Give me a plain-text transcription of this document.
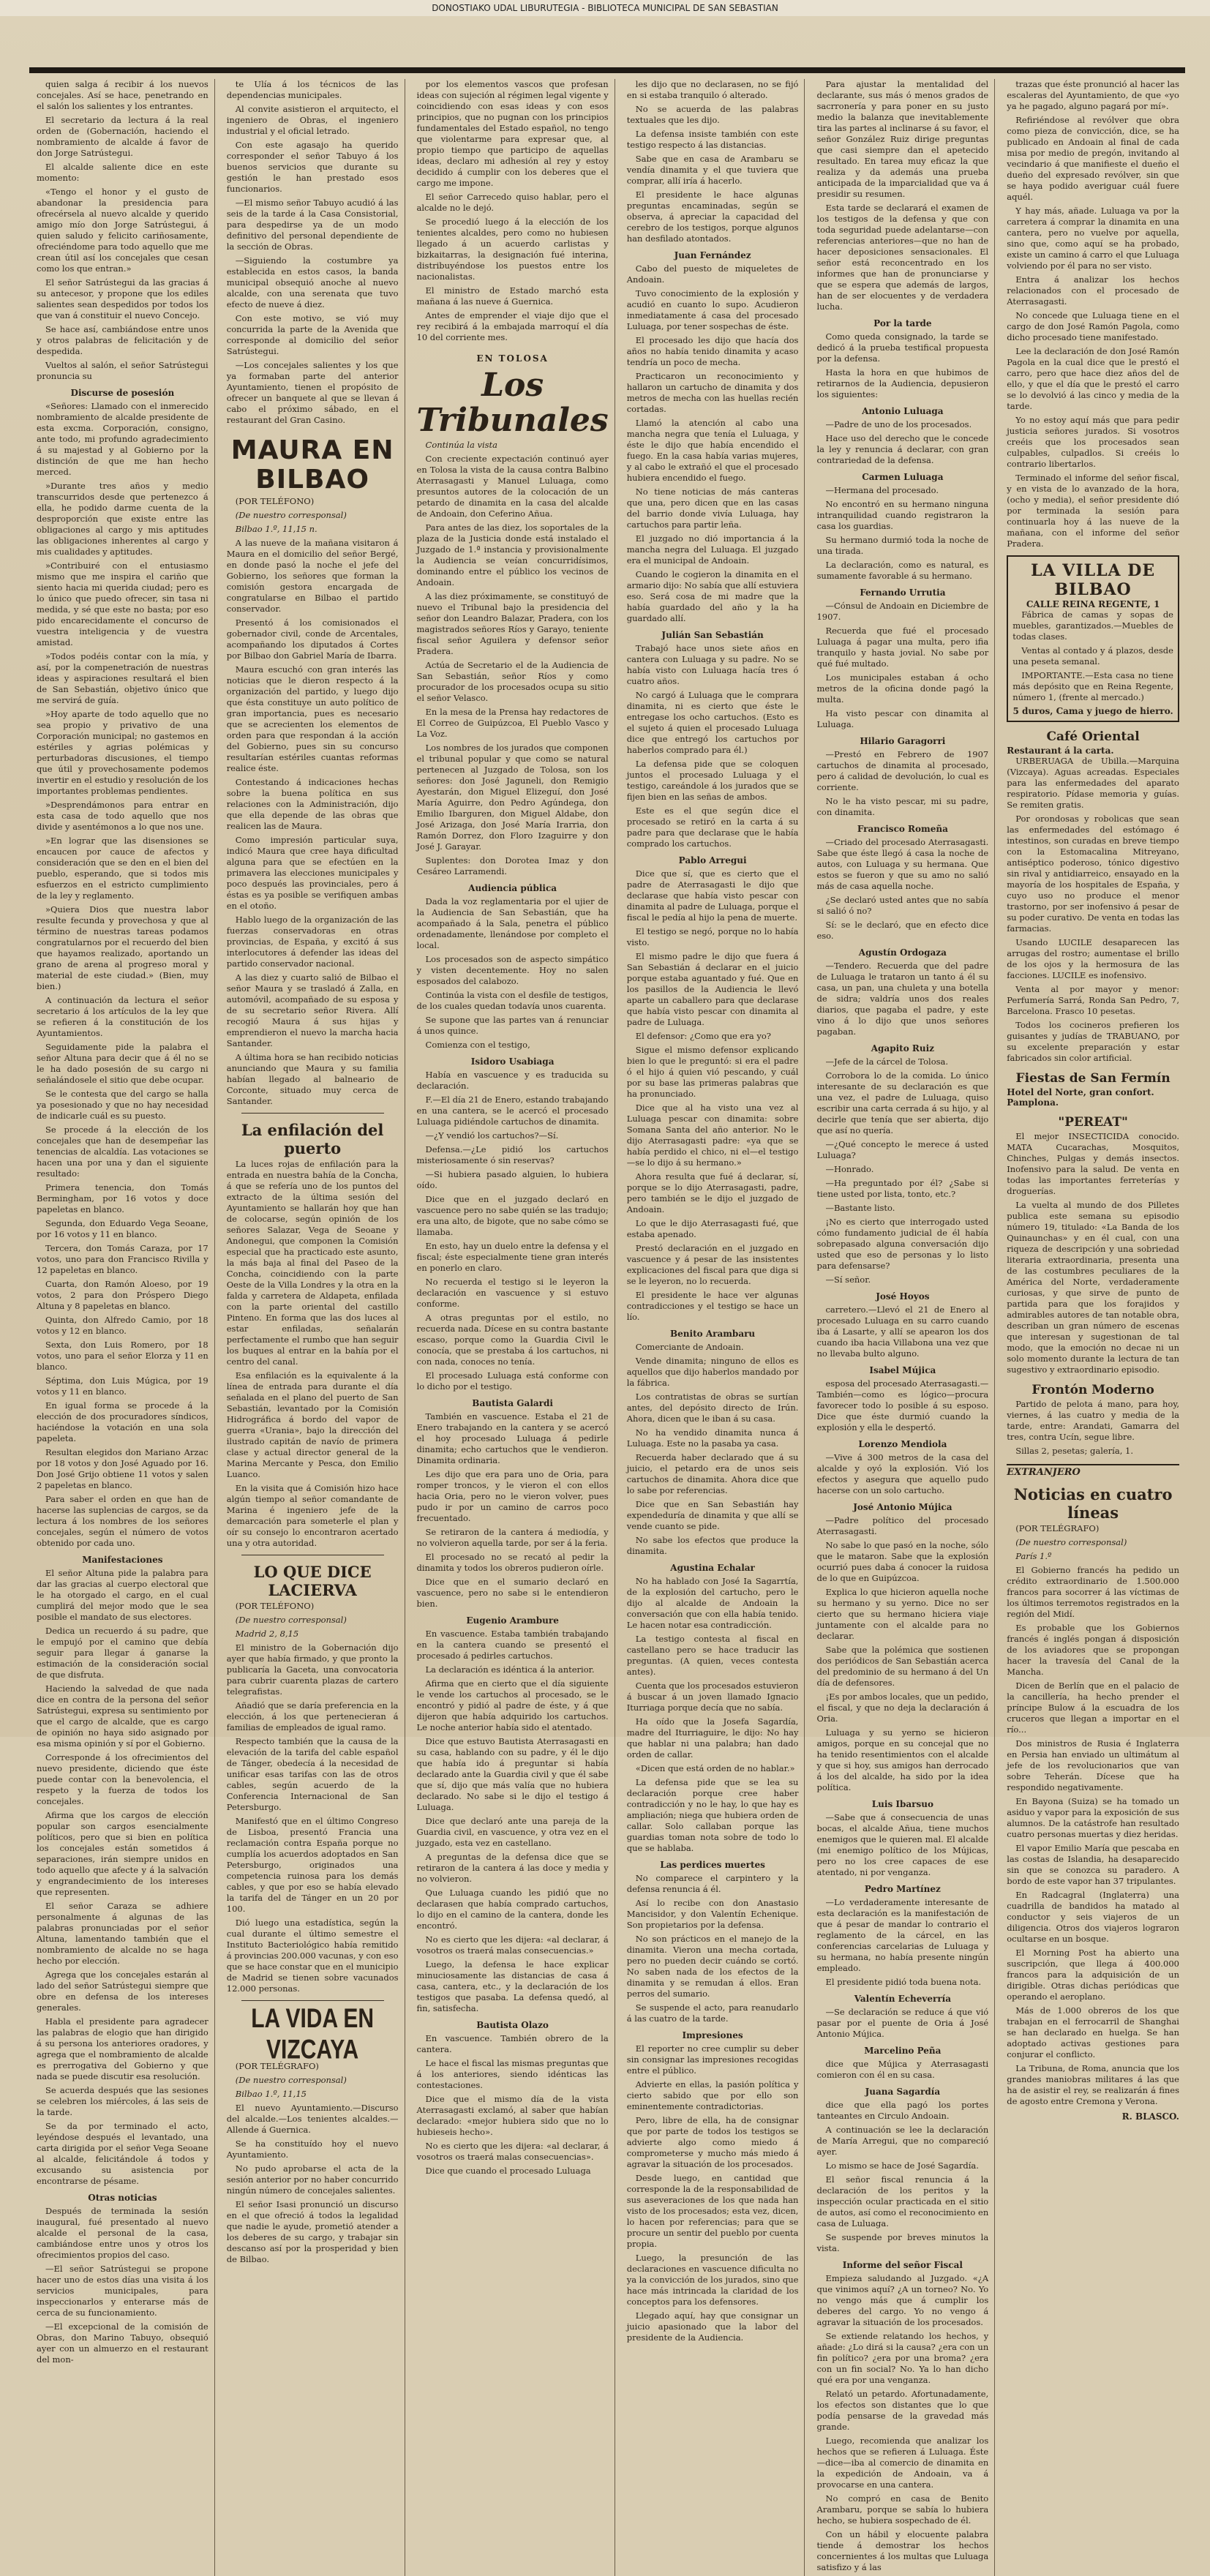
DONOSTIAKO UDAL LIBURUTEGIA - BIBLIOTECA MUNICIPAL DE SAN SEBASTIAN

quien salga á recibir á los nuevos concejales. Así se hace, penetrando en el salón los salientes y los entrantes.

El secretario da lectura á la real orden de (Gobernación, haciendo el nombramiento de alcalde á favor de don Jorge Satrústegui.

El alcalde saliente dice en este momento:

«Tengo el honor y el gusto de abandonar la presidencia para ofrecérsela al nuevo alcalde y querido amigo mío don Jorge Satrústegui, á quien saludo y felicito cariñosamente, ofreciéndome para todo aquello que me crean útil así los concejales que cesan como los que entran.»

El señor Satrústegui da las gracias á su antecesor, y propone que los ediles salientes sean despedidos por todos los que van á constituir el nuevo Concejo.

Se hace así, cambiándose entre unos y otros palabras de felicitación y de despedida.

Vueltos al salón, el señor Satrústegui pronuncia su

Discurse de posesión

«Señores: Llamado con el inmerecido nombramiento de alcalde presidente de esta excma. Corporación, consigno, ante todo, mi profundo agradecimiento á su majestad y al Gobierno por la distinción de que me han hecho merced.

»Durante tres años y medio transcurridos desde que pertenezco á ella, he podido darme cuenta de la desproporción que existe entre las obligaciones al cargo y mis aptitudes las obligaciones inherentes al cargo y mis cualidades y aptitudes.

»Contribuiré con el entusiasmo mismo que me inspira el cariño que siento hacia mi querida ciudad; pero es lo único que puedo ofrecer, sin tasa ni medida, y sé que este no basta; por eso pido encarecidamente el concurso de vuestra inteligencia y de vuestra amistad.

»Todos podéis contar con la mía, y así, por la compenetración de nuestras ideas y aspiraciones resultará el bien de San Sebastián, objetivo único que me servirá de guía.

»Hoy aparte de todo aquello que no sea propio y privativo de una Corporación municipal; no gastemos en estériles y agrias polémicas y perturbadoras discusiones, el tiempo que útil y provechosamente podemos invertir en el estudio y resolución de los importantes problemas pendientes.

»Desprendámonos para entrar en esta casa de todo aquello que nos divide y asentémonos a lo que nos une.

»En lograr que las disensiones se encaucen por cauce de afectos y consideración que se den en el bien del pueblo, esperando, que si todos mis esfuerzos en el estricto cumplimiento de la ley y reglamento.

»Quiera Dios que nuestra labor resulte fecunda y provechosa y que al término de nuestras tareas podamos congratularnos por el recuerdo del bien que hayamos realizado, aportando un grano de arena al progreso moral y material de este ciudad.» (Bien, muy bien.)

A continuación da lectura el señor secretario á los artículos de la ley que se refieren á la constitución de los Ayuntamientos.

Seguidamente pide la palabra el señor Altuna para decir que á él no se le ha dado posesión de su cargo ni señalándosele el sitio que debe ocupar.

Se le contesta que del cargo se halla ya posesionado y que no hay necesidad de indicarle cuál es su puesto.

Se procede á la elección de los concejales que han de desempeñar las tenencias de alcaldía. Las votaciones se hacen una por una y dan el siguiente resultado:

Primera tenencia, don Tomás Bermingham, por 16 votos y doce papeletas en blanco.

Segunda, don Eduardo Vega Seoane, por 16 votos y 11 en blanco.

Tercera, don Tomás Caraza, por 17 votos, uno para don Francisco Rivilla y 12 papeletas en blanco.

Cuarta, don Ramón Aloeso, por 19 votos, 2 para don Próspero Diego Altuna y 8 papeletas en blanco.

Quinta, don Alfredo Camio, por 18 votos y 12 en blanco.

Sexta, don Luis Romero, por 18 votos, uno para el señor Elorza y 11 en blanco.

Séptima, don Luis Múgica, por 19 votos y 11 en blanco.

En igual forma se procede á la elección de dos procuradores síndicos, haciéndose la votación en una sola papeleta.

Resultan elegidos don Mariano Arzac por 18 votos y don José Aguado por 16. Don José Grijo obtiene 11 votos y salen 2 papeletas en blanco.

Para saber el orden en que han de hacerse las suplencias de cargos, se da lectura á los nombres de los señores concejales, según el número de votos obtenido por cada uno.

Manifestaciones

El señor Altuna pide la palabra para dar las gracias al cuerpo electoral que le ha otorgado el cargo, en el cual cumplirá del mejor modo que le sea posible el mandato de sus electores.

Dedica un recuerdo á su padre, que le empujó por el camino que debía seguir para llegar á ganarse la estimación de la consideración social de que disfruta.

Haciendo la salvedad de que nada dice en contra de la persona del señor Satrústegui, expresa su sentimiento por que el cargo de alcalde, que es cargo de opinión no haya sido asignado por esa misma opinión y sí por el Gobierno.

Corresponde á los ofrecimientos del nuevo presidente, diciendo que éste puede contar con la benevolencia, el respeto y la fuerza de todos los concejales.

Afirma que los cargos de elección popular son cargos esencialmente políticos, pero que si bien en política los concejales están sometidos á separaciones, irán siempre unidos en todo aquello que afecte y á la salvación y engrandecimiento de los intereses que representen.

El señor Caraza se adhiere personalmente á algunas de las palabras pronunciadas por el señor Altuna, lamentando también que el nombramiento de alcalde no se haga hecho por elección.

Agrega que los concejales estarán al lado del señor Satrústegui siempre que obre en defensa de los intereses generales.

Habla el presidente para agradecer las palabras de elogio que han dirigido á su persona los anteriores oradores, y agrega que el nombramiento de alcalde es prerrogativa del Gobierno y que nada se puede discutir esa resolución.

Se acuerda después que las sesiones se celebren los miércoles, á las seis de la tarde.

Se da por terminado el acto, leyéndose después el levantado, una carta dirigida por el señor Vega Seoane al alcalde, felicitándole á todos y excusando su asistencia por encontrarse de pésame.

Otras noticias

Después de terminada la sesión inaugural, fué presentado al nuevo alcalde el personal de la casa, cambiándose entre unos y otros los ofrecimientos propios del caso.

—El señor Satrústegui se propone hacer uno de estos días una visita á los servicios municipales, para inspeccionarlos y enterarse más de cerca de su funcionamiento.

—El excepcional de la comisión de Obras, don Marino Tabuyo, obsequió ayer con un almuerzo en el restaurant del mon-

te Ulía á los técnicos de las dependencias municipales.

Al convite asistieron el arquitecto, el ingeniero de Obras, el ingeniero industrial y el oficial letrado.

Con este agasajo ha querido corresponder el señor Tabuyo á los buenos servicios que durante su gestión le han prestado esos funcionarios.

—El mismo señor Tabuyo acudió á las seis de la tarde á la Casa Consistorial, para despedirse ya de un modo definitivo del personal dependiente de la sección de Obras.

—Siguiendo la costumbre ya establecida en estos casos, la banda municipal obsequió anoche al nuevo alcalde, con una serenata que tuvo efecto de nueve á diez.

Con este motivo, se vió muy concurrida la parte de la Avenida que corresponde al domicilio del señor Satrústegui.

—Los concejales salientes y los que ya formaban parte del anterior Ayuntamiento, tienen el propósito de ofrecer un banquete al que se llevan á cabo el próximo sábado, en el restaurant del Gran Casino.

MAURA EN BILBAO

(POR TELÉFONO)

(De nuestro corresponsal)

Bilbao 1.º, 11,15 n.

A las nueve de la mañana visitaron á Maura en el domicilio del señor Bergé, en donde pasó la noche el jefe del Gobierno, los señores que forman la comisión gestora encargada de congratularse en Bilbao el partido conservador.

Presentó á los comisionados el gobernador civil, conde de Arcentales, acompañando los diputados á Cortes por Bilbao don Gabriel María de Ibarra.

Maura escuchó con gran interés las noticias que le dieron respecto á la organización del partido, y luego dijo que ésta constituye un auto político de gran importancia, pues es necesario que se acrecienten los elementos de orden para que respondan á la acción del Gobierno, pues sin su concurso resultarían estériles cuantas reformas realice éste.

Contestando á indicaciones hechas sobre la buena política en sus relaciones con la Administración, dijo que ella depende de las obras que realicen las de Maura.

Como impresión particular suya, indicó Maura que cree haya dificultad alguna para que se efectúen en la primavera las elecciones municipales y poco después las provinciales, pero á éstas es ya posible se verifiquen ambas en el otoño.

Hablo luego de la organización de las fuerzas conservadoras en otras provincias, de España, y excitó á sus interlocutores á defender las ideas del partido conservador nacional.

A las diez y cuarto salió de Bilbao el señor Maura y se trasladó á Zalla, en automóvil, acompañado de su esposa y de su secretario señor Rivera. Allí recogió Maura á sus hijas y emprendieron el nuevo la marcha hacia Santander.

A última hora se han recibido noticias anunciando que Maura y su familia habían llegado al balneario de Corconte, situado muy cerca de Santander.

La enfilación del puerto

La luces rojas de enfilación para la entrada en nuestra bahía de la Concha, á que se refería uno de los puntos del extracto de la última sesión del Ayuntamiento se hallarán hoy que han de colocarse, según opinión de los señores Salazar, Vega de Seoane y Andonegui, que componen la Comisión especial que ha practicado este asunto, la más baja al final del Paseo de la Concha, coincidiendo con la parte Oeste de la Villa Londres y la otra en la falda y carretera de Aldapeta, enfilada con la parte oriental del castillo Pinteno. En forma que las dos luces al estar enfiladas, señalarán perfectamente el rumbo que han seguir los buques al entrar en la bahía por el centro del canal.

Esa enfilación es la equivalente á la línea de entrada para durante el día señalada en el plano del puerto de San Sebastián, levantado por la Comisión Hidrográfica á bordo del vapor de guerra «Urania», bajo la dirección del ilustrado capitán de navío de primera clase y actual director general de la Marina Mercante y Pesca, don Emilio Luanco.

En la visita que á Comisión hizo hace algún tiempo al señor comandante de Marina é ingeniero jefe de la demarcación para someterle el plan y oír su consejo lo encontraron acertado una y otra autoridad.

LO QUE DICE LACIERVA

(POR TELÉFONO)

(De nuestro corresponsal)

Madrid 2, 8,15

El ministro de la Gobernación dijo ayer que había firmado, y que pronto la publicaría la Gaceta, una convocatoria para cubrir cuarenta plazas de cartero telegrafistas.

Añadió que se daría preferencia en la elección, á los que pertenecieran á familias de empleados de igual ramo.

Respecto también que la causa de la elevación de la tarifa del cable español de Tánger, obedecía á la necesidad de unificar esas tarifas con las de otros cables, según acuerdo de la Conferencia Internacional de San Petersburgo.

Manifestó que en el último Congreso de Lisboa, presentó Francia una reclamación contra España porque no cumplía los acuerdos adoptados en San Petersburgo, originados una competencia ruinosa para los demás cables, y que por eso se había elevado la tarifa del de Tánger en un 20 por 100.

Dió luego una estadística, según la cual durante el último semestre el Instituto Bacteriológico había remitido á provincias 200.000 vacunas, y con eso que se hace constar que en el municipio de Madrid se tienen sobre vacunados 12.000 personas.

LA VIDA EN VIZCAYA

(POR TELÉGRAFO)

(De nuestro corresponsal)

Bilbao 1.º, 11,15

El nuevo Ayuntamiento.—Discurso del alcalde.—Los tenientes alcaldes.—Allende á Guernica.

Se ha constituído hoy el nuevo Ayuntamiento.

No pudo aprobarse el acta de la sesión anterior por no haber concurrido ningún número de concejales salientes.

El señor Isasi pronunció un discurso en el que ofreció á todos la legalidad que nadie le ayude, prometió atender a los deberes de su cargo, y trabajar sin descanso así por la prosperidad y bien de Bilbao.

por los elementos vascos que profesan ideas con sujeción al régimen legal vigente y coincidiendo con esas ideas y con esos principios, que no pugnan con los principios fundamentales del Estado español, no tengo que violentarme para expresar que, al propio tiempo que participo de aquellas ideas, declaro mi adhesión al rey y estoy decidido á cumplir con los deberes que el cargo me impone.

El señor Carrecedo quiso hablar, pero el alcalde no le dejó.

Se procedió luego á la elección de los tenientes alcaldes, pero como no hubiesen llegado á un acuerdo carlistas y bizkaitarras, la designación fué interina, distribuyéndose los puestos entre los nacionalistas.

El ministro de Estado marchó esta mañana á las nueve á Guernica.

Antes de emprender el viaje dijo que el rey recibirá á la embajada marroquí el día 10 del corriente mes.

EN TOLOSA
Los Tribunales

Continúa la vista

Con creciente expectación continuó ayer en Tolosa la vista de la causa contra Balbino Aterrasagasti y Manuel Luluaga, como presuntos autores de la colocación de un petardo de dinamita en la casa del alcalde de Andoain, don Ceferino Añua.

Para antes de las diez, los soportales de la plaza de la Justicia donde está instalado el Juzgado de 1.ª instancia y provisionalmente la Audiencia se veían concurridísimos, dominando entre el público los vecinos de Andoain.

A las diez próximamente, se constituyó de nuevo el Tribunal bajo la presidencia del señor don Leandro Balazar, Pradera, con los magistrados señores Ríos y Garayo, teniente fiscal señor Aguilera y defensor señor Pradera.

Actúa de Secretario el de la Audiencia de San Sebastián, señor Ríos y como procurador de los procesados ocupa su sitio el señor Velasco.

En la mesa de la Prensa hay redactores de El Correo de Guipúzcoa, El Pueblo Vasco y La Voz.

Los nombres de los jurados que componen el tribunal popular y que como se natural pertenecen al Juzgado de Tolosa, son los señores: don José Jaguneli, don Remigio Ayestarán, don Miguel Elizeguí, don José María Aguirre, don Pedro Agúndega, don Emilio Ibarguren, don Miguel Aldabe, don José Arizaga, don José María Irarria, don Ramón Dorrez, don Floro Izaguirre y don José J. Garayar.

Suplentes: don Dorotea Imaz y don Cesáreo Larramendi.

Audiencia pública

Dada la voz reglamentaria por el ujier de la Audiencia de San Sebastián, que ha acompañado á la Sala, penetra el público ordenadamente, llenándose por completo el local.

Los procesados son de aspecto simpático y visten decentemente. Hoy no salen esposados del calabozo.

Continúa la vista con el desfile de testigos, de los cuales quedan todavía unos cuarenta.

Se supone que las partes van á renunciar á unos quince.

Comienza con el testigo,

Isidoro Usabiaga

Había en vascuence y es traducida su declaración.

F.—El día 21 de Enero, estando trabajando en una cantera, se le acercó el procesado Luluaga pidiéndole cartuchos de dinamita.

—¿Y vendió los cartuchos?—Sí.

Defensa.—¿Le pidió los cartuchos misteriosamente ó sin reservas?

—Si hubiera pasado alguien, lo hubiera oído.

Dice que en el juzgado declaró en vascuence pero no sabe quién se las tradujo; era una alto, de bigote, que no sabe cómo se llamaba.

En esto, hay un duelo entre la defensa y el fiscal; éste especialmente tiene gran interés en ponerlo en claro.

No recuerda el testigo si le leyeron la declaración en vascuence y si estuvo conforme.

A otras preguntas por el estilo, no recuerda nada. Dícese en su contra bastante escaso, porque como la Guardia Civil le conocía, que se prestaba á los cartuchos, ni con nada, conoces no tenía.

El procesado Luluaga está conforme con lo dicho por el testigo.

Bautista Galardi

También en vascuence. Estaba el 21 de Enero trabajando en la cantera y se acercó el hoy procesado Luluaga á pedirle dinamita; echo cartuchos que le vendieron. Dinamita ordinaria.

Les dijo que era para uno de Oria, para romper troncos, y le vieron el con ellos hacia Oria, pero no le vieron volver, pues pudo ir por un camino de carros poco frecuentado.

Se retiraron de la cantera á mediodía, y no volvieron aquella tarde, por ser á la feria.

El procesado no se recató al pedir la dinamita y todos los obreros pudieron oírle.

Dice que en el sumario declaró en vascuence, pero no sabe si le entendieron bien.

Eugenio Arambure

En vascuence. Estaba también trabajando en la cantera cuando se presentó el procesado á pedirles cartuchos.

La declaración es idéntica á la anterior.

Afirma que en cierto que el día siguiente le vende los cartuchos al procesado, se le encontró y pidió al padre de éste, y á que dijeron que había adquirido los cartuchos. Le noche anterior había sido el atentado.

Dice que estuvo Bautista Aterrasagasti en su casa, hablando con su padre, y él le dijo que había ido á preguntar si había declarado ante la Guardia civil y que él sabe que sí, dijo que más valía que no hubiera declarado. No sabe si le dijo el testigo á Luluaga.

Dice que declaró ante una pareja de la Guardia civil, en vascuence, y otra vez en el juzgado, esta vez en castellano.

A preguntas de la defensa dice que se retiraron de la cantera á las doce y media y no volvieron.

Que Luluaga cuando les pidió que no declarasen que había comprado cartuchos, lo dijo en el camino de la cantera, donde les encontró.

No es cierto que les dijera: «al declarar, á vosotros os traerá malas consecuencias.»

Luego, la defensa le hace explicar minuciosamente las distancias de casa á casa, cantera, etc., y la declaración de los testigos que pasaba. La defensa quedó, al fin, satisfecha.

Bautista Olazo

En vascuence. También obrero de la cantera.

Le hace el fiscal las mismas preguntas que á los anteriores, siendo idénticas las contestaciones.

Dice que el mismo día de la vista Aterrasagasti exclamó, al saber que habían declarado: «mejor hubiera sido que no lo hubieseis hecho».

No es cierto que les dijera: «al declarar, á vosotros os traerá malas consecuencias».

Dice que cuando el procesado Luluaga

les dijo que no declarasen, no se fijó en si estaba tranquilo ó alterado.

No se acuerda de las palabras textuales que les dijo.

La defensa insiste también con este testigo respecto á las distancias.

Sabe que en casa de Arambaru se vendía dinamita y el que tuviera que comprar, allí iría á hacerlo.

El presidente le hace algunas preguntas encaminadas, según se observa, á apreciar la capacidad del cerebro de los testigos, porque algunos han desfilado atontados.

Juan Fernández

Cabo del puesto de miqueletes de Andoain.

Tuvo conocimiento de la explosión y acudió en cuanto lo supo. Acudieron inmediatamente á casa del procesado Luluaga, por tener sospechas de éste.

El procesado les dijo que hacía dos años no había tenido dinamita y acaso tendría un poco de mecha.

Practicaron un reconocimiento y hallaron un cartucho de dinamita y dos metros de mecha con las huellas recién cortadas.

Llamó la atención al cabo una mancha negra que tenía el Luluaga, y éste le dijo que había encendido el fuego. En la casa había varias mujeres, y al cabo le extrañó el que el procesado hubiera encendido el fuego.

No tiene noticias de más canteras que una, pero dicen que en las casas del barrio donde vivía Luluaga, hay cartuchos para partir leña.

El juzgado no dió importancia á la mancha negra del Luluaga. El juzgado era el municipal de Andoain.

Cuando le cogieron la dinamita en el armario dijo: No sabía que allí estuviera eso. Será cosa de mi madre que la había guardado del año y la ha guardado allí.

Julián San Sebastián

Trabajó hace unos siete años en cantera con Luluaga y su padre. No se había visto con Luluaga hacía tres ó cuatro años.

No cargó á Luluaga que le comprara dinamita, ni es cierto que éste le entregase los ocho cartuchos. (Esto es el sujeto á quien el procesado Luluaga dice que entregó los cartuchos por haberlos comprado para él.)

La defensa pide que se coloquen juntos el procesado Luluaga y el testigo, careándole á los jurados que se fijen bien en las señas de ambos.

Este es el que según dice el procesado se retiró en la carta á su padre para que declarase que le había comprado los cartuchos.

Pablo Arregui

Dice que sí, que es cierto que el padre de Aterrasagasti le dijo que declarase que había visto pescar con dinamita al padre de Luluaga, porque el fiscal le pedía al hijo la pena de muerte.

El testigo se negó, porque no lo había visto.

El mismo padre le dijo que fuera á San Sebastián á declarar en el juicio porque estaba aguantado y fué. Que en los pasillos de la Audiencia le llevó aparte un caballero para que declarase que había visto pescar con dinamita al padre de Luluaga.

El defensor: ¿Como que era yo?

Sigue el mismo defensor explicando bien lo que le preguntó: si era el padre ó el hijo á quien vió pescando, y cuál por su base las primeras palabras que ha pronunciado.

Dice que al ha visto una vez al Luluaga pescar con dinamita: sobre Somana Santa del año anterior. No le dijo Aterrasagasti padre: «ya que se había perdido el chico, ni el—el testigo—se lo dijo á su hermano.»

Ahora resulta que fué á declarar, sí, porque se lo dijo Aterrasagasti, padre, pero también se le dijo el juzgado de Andoain.

Lo que le dijo Aterrasagasti fué, que estaba apenado.

Prestó declaración en el juzgado en vascuence y á pesar de las insistentes explicaciones del fiscal para que diga si se le leyeron, no lo recuerda.

El presidente le hace ver algunas contradicciones y el testigo se hace un lío.

Benito Arambaru

Comerciante de Andoain.

Vende dinamita; ninguno de ellos es aquellos que dijo haberlos mandado por la fábrica.

Los contratistas de obras se surtían antes, del depósito directo de Irún. Ahora, dicen que le iban á su casa.

No ha vendido dinamita nunca á Luluaga. Este no la pasaba ya casa.

Recuerda haber declarado que á su juicio, el petardo era de unos seis cartuchos de dinamita. Ahora dice que lo sabe por referencias.

Dice que en San Sebastián hay expendeduría de dinamita y que allí se vende cuanto se pide.

No sabe los efectos que produce la dinamita.

Agustina Echalar

No ha hablado con José Ia Sagarrtía, de la explosión del cartucho, pero le dijo al alcalde de Andoain la conversación que con ella había tenido. Le hacen notar esa contradicción.

La testigo contesta al fiscal en castellano pero se hace traducir las preguntas. (A quien, veces contesta antes).

Cuenta que los procesados estuvieron á buscar á un joven llamado Ignacio Iturriaga porque decía que no sabía.

Ha oído que la Josefa Sagardía, madre del Iturriaguire, le dijo: No hay que hablar ni una palabra; han dado orden de callar.

«Dicen que está orden de no hablar.»

La defensa pide que se lea su declaración porque cree haber contradicción y no le hay, lo que hay es ampliación; niega que hubiera orden de callar. Solo callaban porque las guardias toman nota sobre de todo lo que se hablaba.

Las perdices muertes

No comparece el carpintero y la defensa renuncia á él.

Así lo recibe con don Anastasio Mancisidor, y don Valentín Echenique. Son propietarios por la defensa.

No son prácticos en el manejo de la dinamita. Vieron una mecha cortada, pero no pueden decir cuándo se cortó. No saben nada de los efectos de la dinamita y se remudan á ellos. Eran perros del sumario.

Se suspende el acto, para reanudarlo á las cuatro de la tarde.

Impresiones

El reporter no cree cumplir su deber sin consignar las impresiones recogidas entre el público.

Advierte en ellas, la pasión política y cierto sabido que por ello son eminentemente contradictorias.

Pero, libre de ella, ha de consignar que por parte de todos los testigos se advierte algo como miedo á comprometerse y mucho más miedo á agravar la situación de los procesados.

Desde luego, en cantidad que corresponde la de la responsabilidad de sus aseveraciones de los que nada han visto de los procesados; esta vez, dicen, lo hacen por referencias; para que se procure un sentir del pueblo por cuenta propia.

Luego, la presunción de las declaraciones en vascuence dificulta no ya la convicción de los jurados, sino que hace más intrincada la claridad de los conceptos para los defensores.

Llegado aquí, hay que consignar un juicio apasionado que la labor del presidente de la Audiencia.

Para ajustar la mentalidad del declarante, sus más ó menos grados de sacrronería y para poner en su justo medio la balanza que inevitablemente tira las partes al inclinarse á su favor, el señor González Ruiz dirige preguntas que casi siempre dan el apetecido resultado. En tarea muy eficaz la que realiza y da además una prueba anticipada de la imparcialidad que va á presidir su resumen.

Esta tarde se declarará el examen de los testigos de la defensa y que con toda seguridad puede adelantarse—con referencias anteriores—que no han de hacer deposiciones sensacionales. El señor está reconcentrado en los informes que han de pronunciarse y que se espera que además de largos, han de ser elocuentes y de verdadera lucha.

Por la tarde

Como queda consignado, la tarde se dedicó á la prueba testifical propuesta por la defensa.

Hasta la hora en que hubimos de retirarnos de la Audiencia, depusieron los siguientes:

Antonio Luluaga

—Padre de uno de los procesados.

Hace uso del derecho que le concede la ley y renuncia á declarar, con gran contrariedad de la defensa.

Carmen Luluaga

—Hermana del procesado.

No encontró en su hermano ninguna intranquilidad cuando registraron la casa los guardias.

Su hermano durmió toda la noche de una tirada.

La declaración, como es natural, es sumamente favorable á su hermano.

Fernando Urrutia

—Cónsul de Andoain en Diciembre de 1907.

Recuerda que fué el procesado Luluaga á pagar una multa, pero ifia tranquilo y hasta jovial. No sabe por qué fué multado.

Los municipales estaban á ocho metros de la oficina donde pagó la multa.

Ha visto pescar con dinamita al Luluaga.

Hilario Garagorri

—Prestó en Febrero de 1907 cartuchos de dinamita al procesado, pero á calidad de devolución, lo cual es corriente.

No le ha visto pescar, mi su padre, con dinamita.

Francisco Romeña

—Criado del procesado Aterrasagasti. Sabe que éste llegó á casa la noche de autos, con Luluaga y su hermana. Que estos se fueron y que su amo no salió más de casa aquella noche.

¿Se declaró usted antes que no sabía si salió ó no?

Sí: se le declaró, que en efecto dice eso.

Agustín Ordogaza

—Tendero. Recuerda que del padre de Luluaga le trataron un tanto á él su casa, un pan, una chuleta y una botella de sidra; valdría unos dos reales diarios, que pagaba el padre, y este vino á lo dijo que unos señores pagaban.

Agapito Ruiz

—Jefe de la cárcel de Tolosa.

Corrobora lo de la comida. Lo único interesante de su declaración es que una vez, el padre de Luluaga, quiso escribir una carta cerrada á su hijo, y al decirle que tenía que ser abierta, dijo que así no quería.

—¿Qué concepto le merece á usted Luluaga?

—Honrado.

—Ha preguntado por él? ¿Sabe si tiene usted por lista, tonto, etc.?

—Bastante listo.

¡No es cierto que interrogado usted cómo fundamento judicial de él había sobrepasado alguna conversación dijo usted que eso de personas y lo listo para defensarse?

—Sí señor.

José Hoyos

carretero.—Llevó el 21 de Enero al procesado Luluaga en su carro cuando iba á Lasarte, y allí se apearon los dos cuando iba hacia Villabona una vez que no llevaba bulto alguno.

Isabel Mújica

esposa del procesado Aterrasagasti.—También—como es lógico—procura favorecer todo lo posible á su esposo. Dice que éste durmió cuando la explosión y ella le despertó.

Lorenzo Mendiola

—Vive á 300 metros de la casa del alcalde y oyó la explosión. Vió los efectos y asegura que aquello pudo hacerse con un solo cartucho.

José Antonio Mújica

—Padre político del procesado Aterrasagasti.

No sabe lo que pasó en la noche, sólo que le mataron. Sabe que la explosión ocurrió pues daba á conocer la ruidosa de lo que en Guipúzcoa.

Explica lo que hicieron aquella noche su hermano y su yerno. Dice no ser cierto que su hermano hiciera viaje juntamente con el alcalde para no declarar.

Sabe que la polémica que sostienen dos periódicos de San Sebastián acerca del predominio de su hermano á del Un día de defensores.

¡Es por ambos locales, que un pedido, el fiscal, y que no deja la declaración á Oria.

Luluaga y su yerno se hicieron amigos, porque en su concejal que no ha tenido resentimientos con el alcalde y que si hoy, sus amigos han derrocado á los del alcalde, ha sido por la idea política.

Luis Ibarsuo

—Sabe que á consecuencia de unas bocas, el alcalde Añua, tiene muchos enemigos que le quieren mal. El alcalde (mi enemigo político de los Mújicas, pero no los cree capaces de ese atentado, ni por venganza.

Pedro Martínez

—Lo verdaderamente interesante de esta declaración es la manifestación de que á pesar de mandar lo contrario el reglamento de la cárcel, en las conferencias carcelarias de Luluaga y su hermana, no había presente ningún empleado.

El presidente pidió toda buena nota.

Valentín Echeverría

—Se declaración se reduce á que vió pasar por el puente de Oria á José Antonio Mújica.

Marcelino Peña

dice que Mújica y Aterrasagasti comieron con él en su casa.

Juana Sagardía

dice que ella pagó los portes tanteantes en Circulo Andoain.

A continuación se lee la declaración de María Arregui, que no compareció ayer.

Lo mismo se hace de José Sagardía.

El señor fiscal renuncia á la declaración de los peritos y la inspección ocular practicada en el sitio de autos, así como el reconocimiento en casa de Luluaga.

Se suspende por breves minutos la vista.

Informe del señor Fiscal

Empieza saludando al Juzgado. «¿A que vinimos aquí? ¿A un torneo? No. Yo no vengo más que á cumplir los deberes del cargo. Yo no vengo á agravar la situación de los procesados.

Se extiende relatando los hechos, y añade: ¿Lo dirá si la causa? ¿era con un fin político? ¿era por una broma? ¿era con un fin social? No. Ya lo han dicho qué era por una venganza.

Relató un petardo. Afortunadamente, los efectos son distantes que lo que podía pensarse de la gravedad más grande.

Luego, recomienda que analizar los hechos que se refieren á Luluaga. Éste—dice—iba al comercio de dinamita en la expedición de Andoain, va á provocarse en una cantera.

No compró en casa de Benito Arambaru, porque se sabía lo hubiera hecho, se hubiera sospechado de él.

Con un hábil y elocuente palabra tiende á demostrar los hechos concernientes á los multas que Luluaga satisfizo y á las

trazas que éste pronunció al hacer las escaleras del Ayuntamiento, de que «yo ya he pagado, alguno pagará por mí».

Refiriéndose al revólver que obra como pieza de convicción, dice, se ha publicado en Andoain al final de cada misa por medio de pregón, invitando al vecindario á que manifieste el dueño el dueño del expresado revólver, sin que se haya podido averiguar cuál fuere aquél.

Y hay más, añade. Luluaga va por la carretera á comprar la dinamita en una cantera, pero no vuelve por aquella, sino que, como aquí se ha probado, existe un camino á carro el que Luluaga volviendo por él para no ser visto.

Entra á analizar los hechos relacionados con el procesado de Aterrasagasti.

No concede que Luluaga tiene en el cargo de don José Ramón Pagola, como dicho procesado tiene manifestado.

Lee la declaración de don José Ramón Pagola en la cual dice que le prestó el carro, pero que hace diez años del de ello, y que el día que le prestó el carro se lo devolvió á las cinco y media de la tarde.

Yo no estoy aquí más que para pedir justicia señores jurados. Si vosotros creéis que los procesados sean culpables, culpadlos. Si creéis lo contrario libertarlos.

Terminado el informe del señor fiscal, y en vista de lo avanzado de la hora, (ocho y media), el señor presidente dió por terminada la sesión para continuarla hoy á las nueve de la mañana, con el informe del señor Pradera.

LA VILLA DE BILBAO
CALLE REINA REGENTE, 1

Fábrica de camas y sopas de muebles, garantizados.—Muebles de todas clases.

Ventas al contado y á plazos, desde una peseta semanal.

IMPORTANTE.—Esta casa no tiene más depósito que en Reina Regente, número 1, (frente al mercado.)

5 duros, Cama y juego de hierro.
Café Oriental
Restaurant á la carta.

URBERUAGA de Ubilla.—Marquina (Vizcaya). Aguas acreadas. Especiales para las enfermedades del aparato respiratorio. Pídase memoria y guías. Se remiten gratis.

Por orondosas y robolicas que sean las enfermedades del estómago é intestinos, son curadas en breve tiempo con la Estomacalina Mitreyano, antiséptico poderoso, tónico digestivo sin rival y antidiarreico, ensayado en la mayoría de los hospitales de España, y cuyo uso no produce el menor trastorno, por ser inofensivo á pesar de su poder curativo. De venta en todas las farmacias.

Usando LUCILE desaparecen las arrugas del rostro; aumentase el brillo de los ojos y la hermosura de las facciones. LUCILE es inofensivo.

Venta al por mayor y menor: Perfumería Sarrá, Ronda San Pedro, 7, Barcelona. Frasco 10 pesetas.

Todos los cocineros prefieren los guisantes y judías de TRABUANO, por su excelente preparación y estar fabricados sin color artificial.

Fiestas de San Fermín
Hotel del Norte, gran confort. Pamplona.
"PEREAT"

El mejor INSECTICIDA conocido. MATA Cucarachas, Mosquitos, Chinches, Pulgas y demás insectos. Inofensivo para la salud. De venta en todas las importantes ferreterías y droguerías.

La vuelta al mundo de dos Pilletes publica este semana su episodio número 19, titulado: «La Banda de los Quinaunchas» y en él cual, con una riqueza de descripción y una sobriedad literaria extraordinaria, presenta una de las costumbres peculiares de la América del Norte, verdaderamente curiosas, y que sirve de punto de partida para que los forajidos y admirables autores de tan notable obra, describan un gran número de escenas que interesan y sugestionan de tal modo, que la emoción no decae ni un solo momento durante la lectura de tan sugestivo y extraordinario episodio.

Frontón Moderno

Partido de pelota á mano, para hoy, viernes, á las cuatro y media de la tarde, entre: Arandati, Gamarra del tres, contra Ucín, segue libre.

Sillas 2, pesetas; galería, 1.

EXTRANJERO
Noticias en cuatro líneas

(POR TELÉGRAFO)

(De nuestro corresponsal)

París 1.º

El Gobierno francés ha pedido un crédito extraordinario de 1.500.000 francos para socorrer á las víctimas de los últimos terremotos registrados en la región del Midí.

Es probable que los Gobiernos francés é inglés pongan á disposición de los aviadores que se propongan hacer la travesía del Canal de la Mancha.

Dicen de Berlín que en el palacio de la cancillería, ha hecho prender el príncipe Bulow á la escuadra de los cruceros que llegan a importar en el río...

Dos ministros de Rusia é Inglaterra en Persia han enviado un ultimátum al jefe de los revolucionarios que van sobre Teherán. Dícese que ha respondido negativamente.

En Bayona (Suiza) se ha tomado un asiduo y vapor para la exposición de sus alumnos. De la catástrofe han resultado cuatro personas muertas y diez heridas.

El vapor Emilio María que pescaba en las costas de Islandia, ha desaparecido sin que se conozca su paradero. A bordo de este vapor han 37 tripulantes.

En Radcagral (Inglaterra) una cuadrilla de bandidos ha matado al conductor y seis viajeros de un diligencia. Otros dos viajeros lograron ocultarse en un bosque.

El Morning Post ha abierto una suscripción, que llega á 400.000 francos para la adquisición de un dirigible. Otras dichas periódicas que operando el aeroplano.

Más de 1.000 obreros de los que trabajan en el ferrocarril de Shanghai se han declarado en huelga. Se han adoptado activas gestiones para conjurar el conflicto.

La Tribuna, de Roma, anuncia que los grandes maniobras militares á las que ha de asistir el rey, se realizarán á fines de agosto entre Cremona y Verona.

R. BLASCO.
